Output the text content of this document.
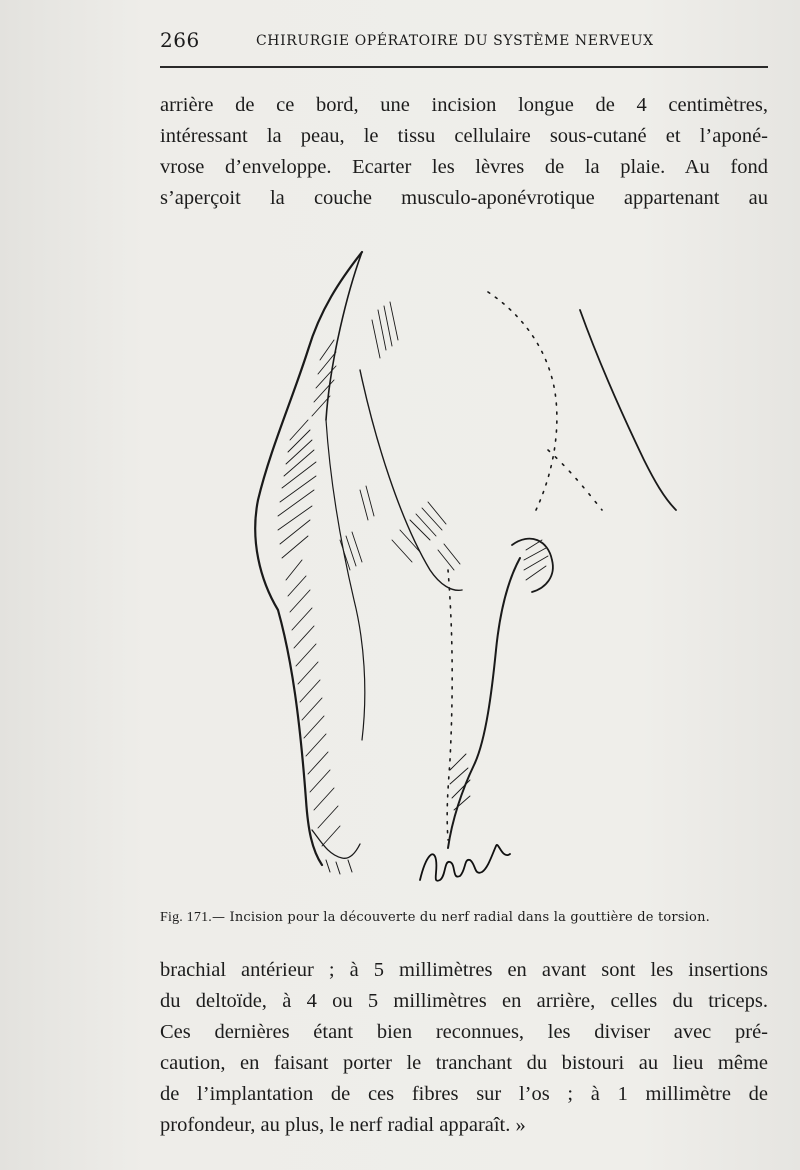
266	CHIRURGIE OPÉRATOIRE DU SYSTÈME NERVEUX
arrière de ce bord, une incision longue de 4 centimètres,
intéressant la peau, le tissu cellulaire sous-cutané et l’aponé-
vrose d’enveloppe. Ecarter les lèvres de la plaie. Au fond
s’aperçoit la couche musculo-aponévrotique appartenant au
Fig. 171.— Incision pour la découverte du nerf radial dans la gouttière de torsion.
brachial antérieur ; à 5 millimètres en avant sont les insertions
du deltoïde, à 4 ou 5 millimètres en arrière, celles du triceps.
Ces dernières étant bien reconnues, les diviser avec pré-
caution, en faisant porter le tranchant du bistouri au lieu même
de l’implantation de ces fibres sur l’os ; à 1 millimètre de
profondeur, au plus, le nerf radial apparaît. »
